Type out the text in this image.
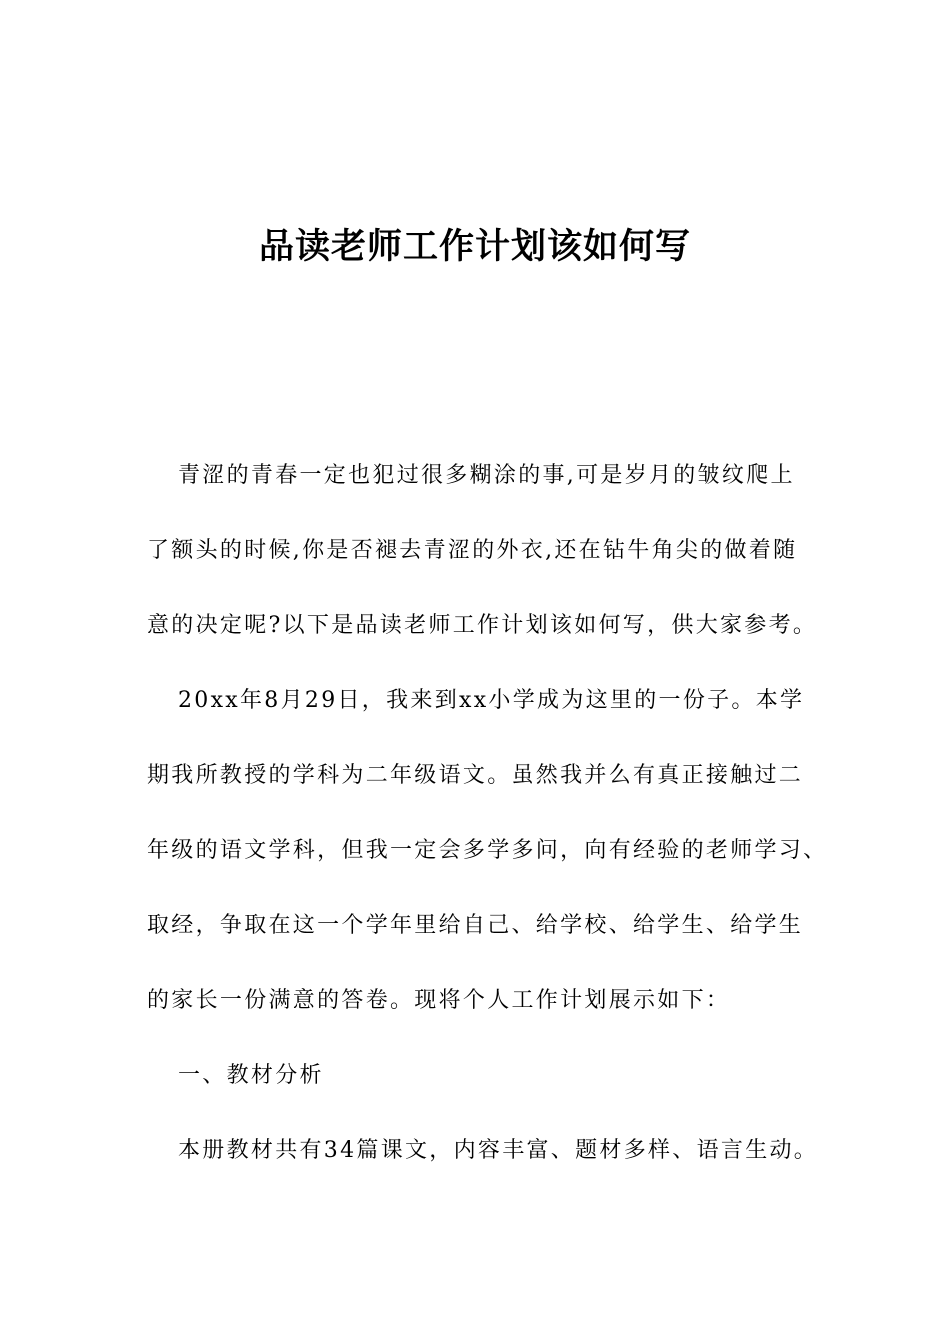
品读老师工作计划该如何写

青涩的青春一定也犯过很多糊涂的事,可是岁月的皱纹爬上

了额头的时候,你是否褪去青涩的外衣,还在钻牛角尖的做着随

意的决定呢?以下是品读老师工作计划该如何写，供大家参考。

20xx年8月29日，我来到xx小学成为这里的一份子。本学

期我所教授的学科为二年级语文。虽然我并么有真正接触过二

年级的语文学科，但我一定会多学多问，向有经验的老师学习、

取经，争取在这一个学年里给自己、给学校、给学生、给学生

的家长一份满意的答卷。现将个人工作计划展示如下：

一、教材分析

本册教材共有34篇课文，内容丰富、题材多样、语言生动。
